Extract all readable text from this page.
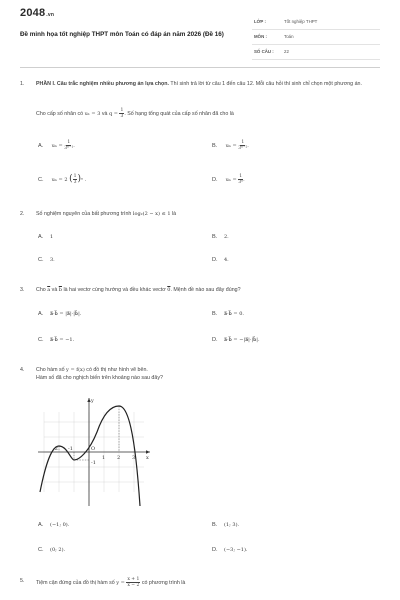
2048.vn
Đề minh họa tốt nghiệp THPT môn Toán có đáp án năm 2026 (Đề 16)
LỚP :	Tốt nghiệp THPT
MÔN :	Toán
SỐ CÂU : 22
1. PHẦN I. Câu trắc nghiệm nhiều phương án lựa chọn. Thí sinh trả lời từ câu 1 đến câu 12. Mỗi câu hỏi thí sinh chỉ chọn một phương án.
Cho cấp số nhân có u₁ = 3 và $q = \frac{1}{3}$ . Số hạng tổng quát của cấp số nhân đã cho là
A. $u_n = \frac{1}{\text{3ⁿ⁻¹}}$ .	B. $u_n = \frac{1}{\text{3ⁿ⁻²}}$ .
C. uₙ = 2 ( $\frac{1}{3} )^n$ .	D. $u_n = \frac{1}{\text{3ⁿ}}$ .
2. Số nghiệm nguyên của bất phương trình log₂(2 − x) ≤ 1 là
A. 1	B. 2.
C. 3.	D. 4.
3. Cho $\overline{a}$ và $\overline{b}$ là hai vectơ cùng hướng và đều khác vectơ 0. Mệnh đề nào sau đây đúng?
A. a⃗·b⃗ = |a⃗|·|b⃗|.	B. a⃗·b⃗ = 0.
C. a⃗·b⃗ = −1.	D. a⃗·b⃗ = −|a⃗|·|b⃗|.
4. Cho hàm số y = f(x) có đồ thị như hình vẽ bên.
Hàm số đã cho nghịch biến trên khoảng nào sau đây?
y
x
O
-2 -1
1 2 3
-1
A. (−1; 0).	B. (1; 3).
C. (0; 2).	D. (−3; −1).
5. Tiệm cận đứng của đồ thị hàm số $y = \frac{x + 1}{x - 2}$ có phương trình là
